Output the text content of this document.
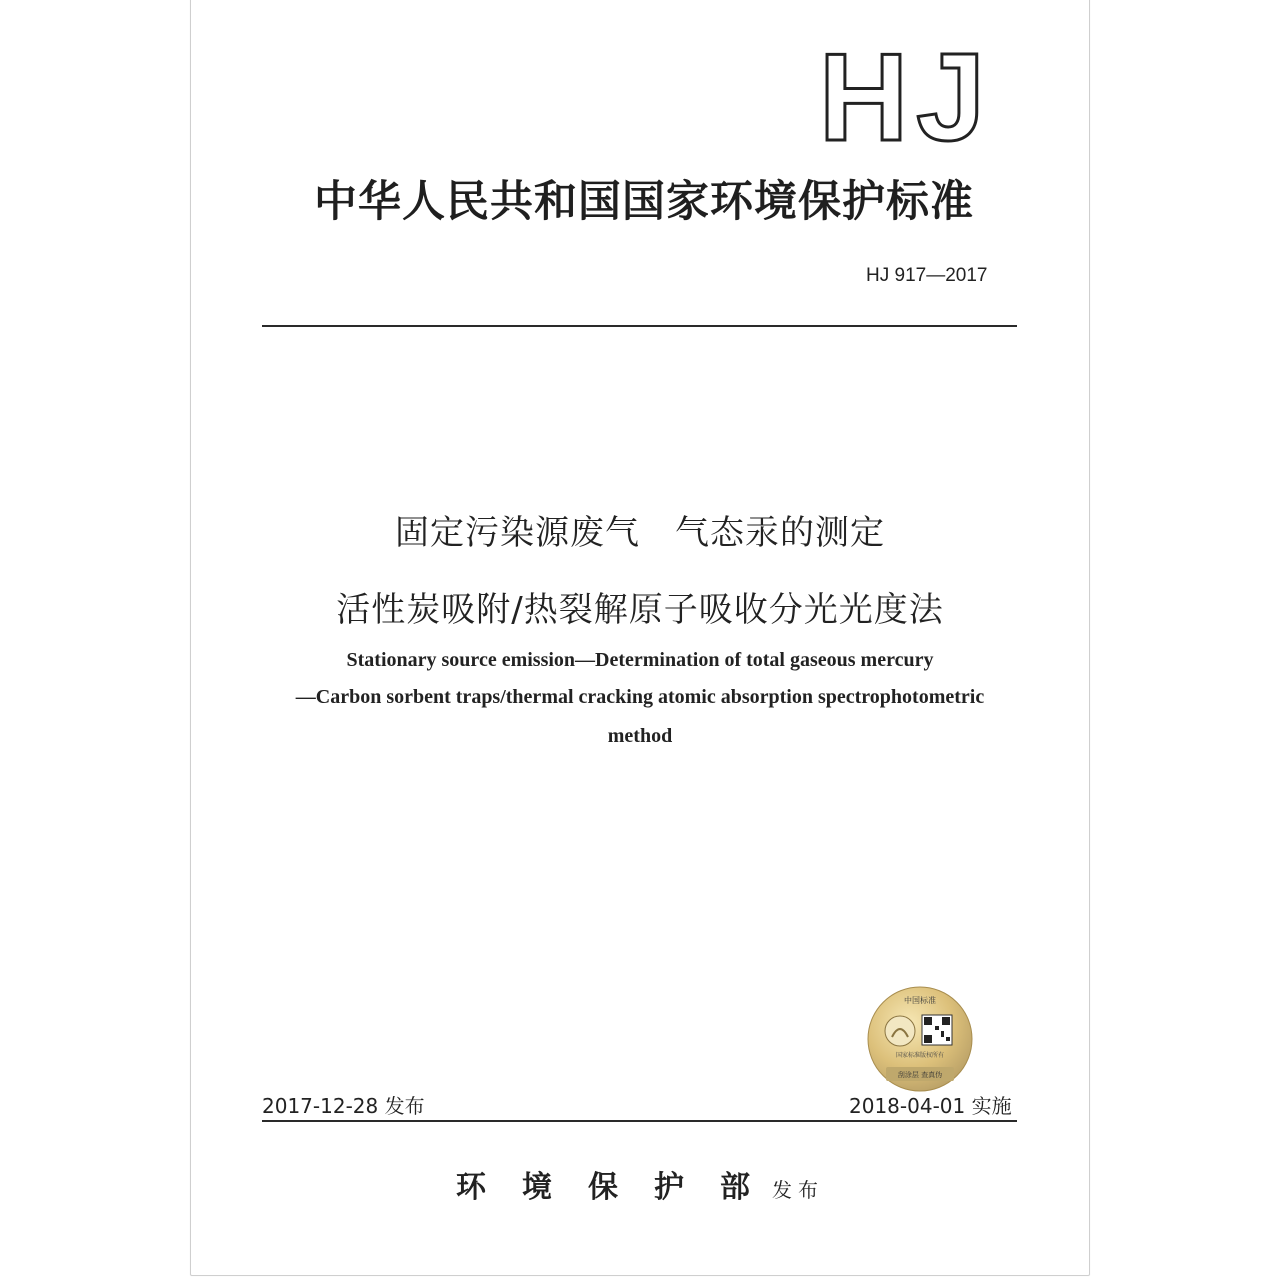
HJ
中华人民共和国国家环境保护标准
HJ 917—2017
固定污染源废气　气态汞的测定
活性炭吸附/热裂解原子吸收分光光度法
Stationary source emission—Determination of total gaseous mercury
—Carbon sorbent traps/thermal cracking atomic absorption spectrophotometric
method
中国标准
国家标准版权所有
刮涂层 查真伪
2017-12-28 发布	2018-04-01 实施
环境保护部发布
